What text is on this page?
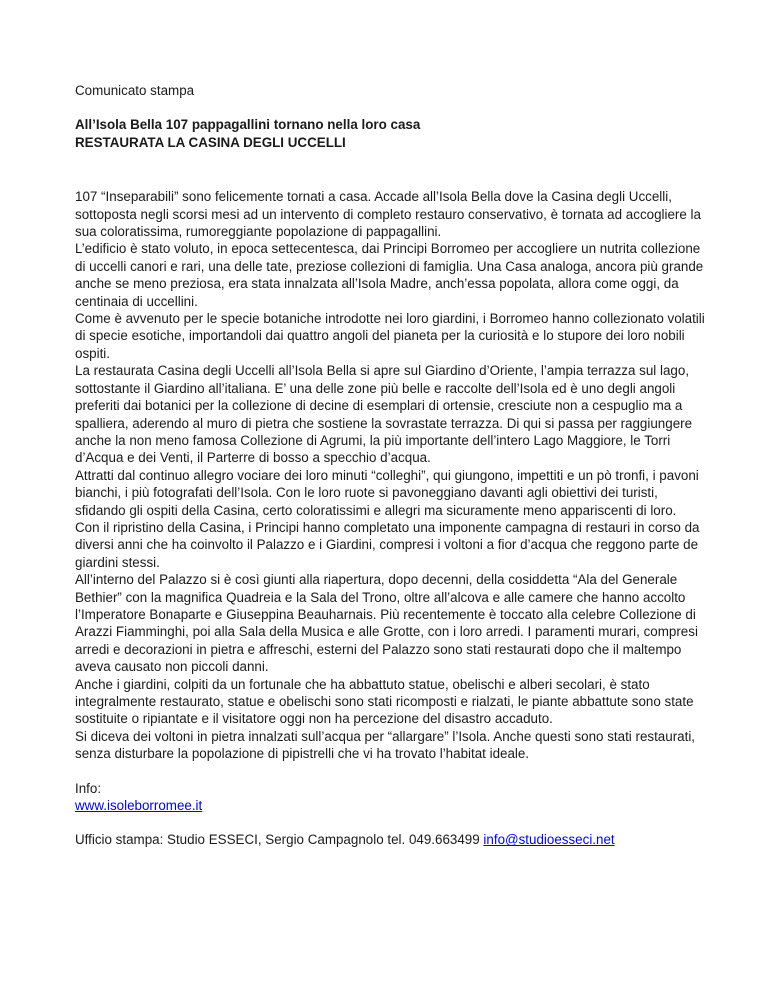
Comunicato stampa

All’Isola Bella 107 pappagallini tornano nella loro casa
RESTAURATA LA CASINA DEGLI UCCELLI

107 “Inseparabili” sono felicemente tornati a casa. Accade all’Isola Bella dove la Casina degli Uccelli, sottoposta negli scorsi mesi ad un intervento di completo restauro conservativo, è tornata ad accogliere la sua coloratissima, rumoreggiante popolazione di pappagallini.

L’edificio è stato voluto, in epoca settecentesca, dai Principi Borromeo per accogliere un nutrita collezione di uccelli canori e rari, una delle tate, preziose collezioni di famiglia. Una Casa analoga, ancora più grande anche se meno preziosa, era stata innalzata all’Isola Madre, anch’essa popolata, allora come oggi, da centinaia di uccellini.

Come è avvenuto per le specie botaniche introdotte nei loro giardini, i Borromeo hanno collezionato volatili di specie esotiche, importandoli dai quattro angoli del pianeta per la curiosità e lo stupore dei loro nobili ospiti.

La restaurata Casina degli Uccelli all’Isola Bella si apre sul Giardino d’Oriente, l’ampia terrazza sul lago, sottostante il Giardino all’italiana. E’ una delle zone più belle e raccolte dell’Isola ed è uno degli angoli preferiti dai botanici per la collezione di decine di esemplari di ortensie, cresciute non a cespuglio ma a spalliera, aderendo al muro di pietra che sostiene la sovrastate terrazza. Di qui si passa per raggiungere anche la non meno famosa Collezione di Agrumi, la più importante dell’intero Lago Maggiore, le Torri d’Acqua e dei Venti, il Parterre di bosso a specchio d’acqua.

Attratti dal continuo allegro vociare dei loro minuti “colleghi”, qui giungono, impettiti e un pò tronfi, i pavoni bianchi, i più fotografati dell’Isola. Con le loro ruote si pavoneggiano davanti agli obiettivi dei turisti, sfidando gli ospiti della Casina, certo coloratissimi e allegri ma sicuramente meno appariscenti di loro.

Con il ripristino della Casina, i Principi hanno completato una imponente campagna di restauri in corso da diversi anni che ha coinvolto il Palazzo e i Giardini, compresi i voltoni a fior d’acqua che reggono parte de giardini stessi.

All’interno del Palazzo si è così giunti alla riapertura, dopo decenni, della cosiddetta “Ala del Generale Bethier” con la magnifica Quadreia e la Sala del Trono, oltre all’alcova e alle camere che hanno accolto l’Imperatore Bonaparte e Giuseppina Beauharnais. Più recentemente è toccato alla celebre Collezione di Arazzi Fiamminghi, poi alla Sala della Musica e alle Grotte, con i loro arredi. I paramenti murari, compresi arredi e decorazioni in pietra e affreschi, esterni del Palazzo sono stati restaurati dopo che il maltempo aveva causato non piccoli danni.

Anche i giardini, colpiti da un fortunale che ha abbattuto statue, obelischi e alberi secolari, è stato integralmente restaurato, statue e obelischi sono stati ricomposti e rialzati, le piante abbattute sono state sostituite o ripiantate e il visitatore oggi non ha percezione del disastro accaduto.

Si diceva dei voltoni in pietra innalzati sull’acqua per “allargare” l’Isola. Anche questi sono stati restaurati, senza disturbare la popolazione di pipistrelli che vi ha trovato l’habitat ideale.

Info:
www.isoleborromee.it
Ufficio stampa: Studio ESSECI, Sergio Campagnolo tel. 049.663499 info@studioesseci.net
